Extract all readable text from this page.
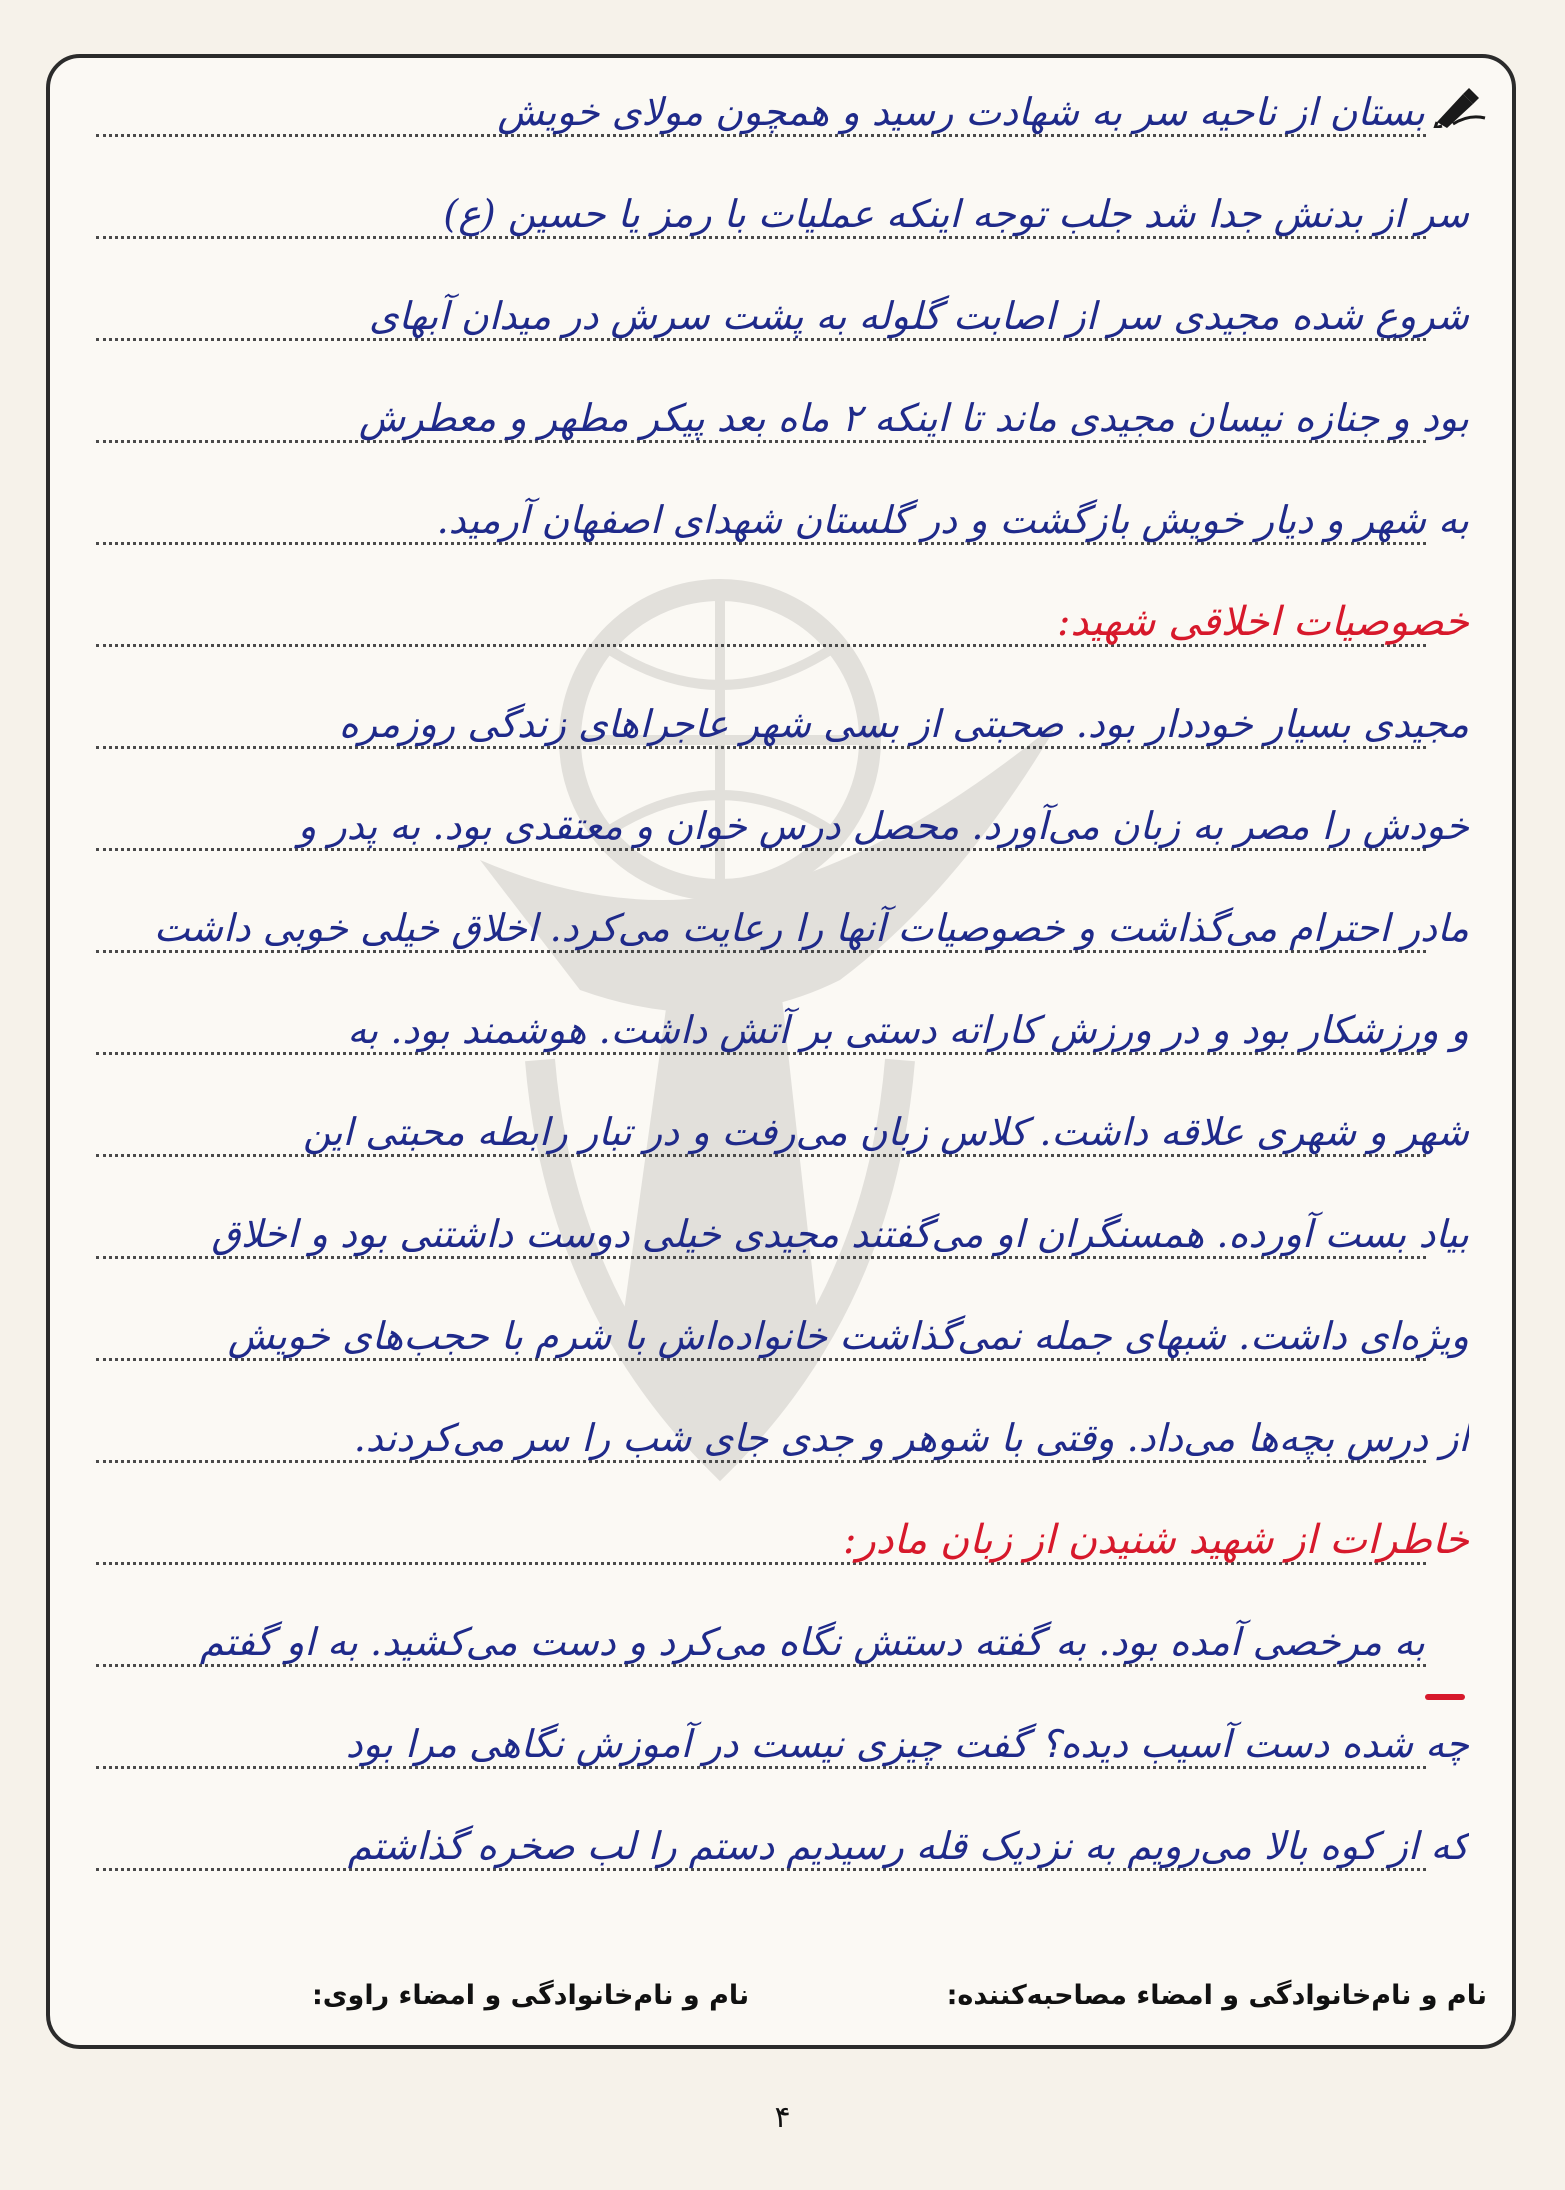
بستان از ناحیه سر به شهادت رسید و همچون مولای خویش
سر از بدنش جدا شد جلب توجه اینکه عملیات با رمز یا حسین (ع)
شروع شده مجیدی سر از اصابت گلوله به پشت سرش در میدان آبهای
بود و جنازه نیسان مجیدی ماند تا اینکه ۲ ماه بعد پیکر مطهر و معطرش
به شهر و دیار خویش بازگشت و در گلستان شهدای اصفهان آرمید.
خصوصیات اخلاقی شهید:
مجیدی بسیار خوددار بود. صحبتی از بسی شهر عاجراهای زندگی روزمره
خودش را مصر به زبان می‌آورد. محصل درس خوان و معتقدی بود. به پدر و
مادر احترام می‌گذاشت و خصوصیات آنها را رعایت می‌کرد. اخلاق خیلی خوبی داشت
و ورزشکار بود و در ورزش کاراته دستی بر آتش داشت. هوشمند بود. به
شهر و شهری علاقه داشت. کلاس زبان می‌رفت و در تبار رابطه محبتی این
بیاد بست آورده. همسنگران او می‌گفتند مجیدی خیلی دوست داشتنی بود و اخلاق
ویژه‌ای داشت. شبهای جمله نمی‌گذاشت خانواده‌اش با شرم با حجب‌های خویش
از درس بچه‌ها می‌داد. وقتی با شوهر و جدی جای شب را سر می‌کردند.
خاطرات از شهید شنیدن از زبان مادر:
به مرخصی آمده بود. به گفته دستش نگاه می‌کرد و دست می‌کشید. به او گفتم
چه شده دست آسیب دیده؟ گفت چیزی نیست در آموزش نگاهی مرا بود
که از کوه بالا می‌رویم به نزدیک قله رسیدیم دستم را لب صخره گذاشتم
نام و نام‌خانوادگی و امضاء مصاحبه‌کننده:
نام و نام‌خانوادگی و امضاء راوی:
۴
